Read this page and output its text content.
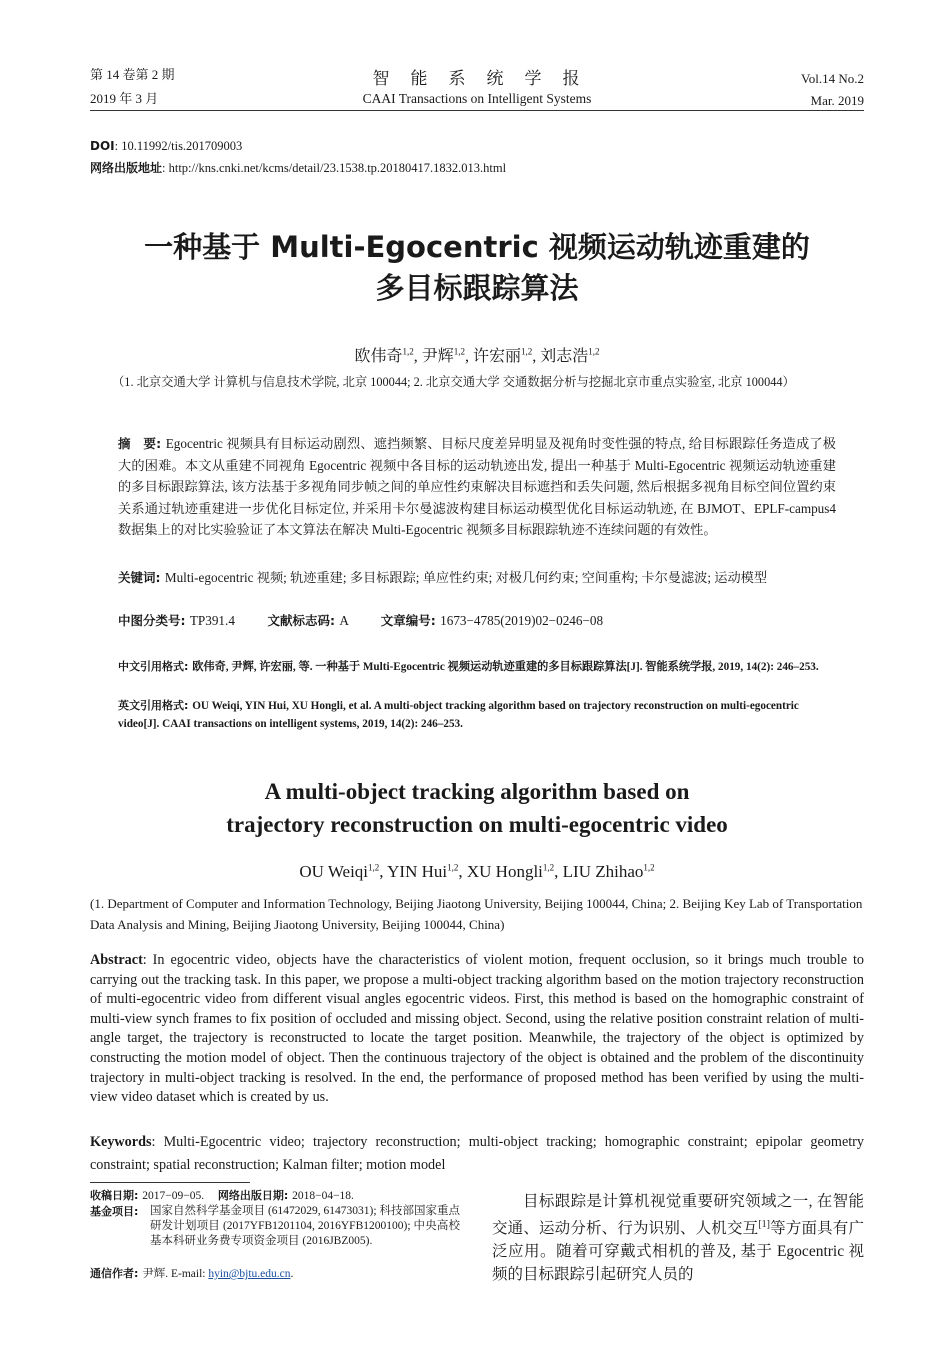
第 14 卷第 2 期
2019 年 3 月
智　能　系　统　学　报
CAAI Transactions on Intelligent Systems
Vol.14 No.2
Mar. 2019
DOI: 10.11992/tis.201709003
网络出版地址: http://kns.cnki.net/kcms/detail/23.1538.tp.20180417.1832.013.html
一种基于 Multi-Egocentric 视频运动轨迹重建的
多目标跟踪算法
欧伟奇$^{1,2}$, 尹辉$^{1,2}$, 许宏丽$^{1,2}$, 刘志浩$^{1,2}$
（1. 北京交通大学 计算机与信息技术学院, 北京 100044; 2. 北京交通大学 交通数据分析与挖掘北京市重点实验室, 北京 100044）
摘　要: Egocentric 视频具有目标运动剧烈、遮挡频繁、目标尺度差异明显及视角时变性强的特点, 给目标跟踪任务造成了极大的困难。本文从重建不同视角 Egocentric 视频中各目标的运动轨迹出发, 提出一种基于 Multi-Egocentric 视频运动轨迹重建的多目标跟踪算法, 该方法基于多视角同步帧之间的单应性约束解决目标遮挡和丢失问题, 然后根据多视角目标空间位置约束关系通过轨迹重建进一步优化目标定位, 并采用卡尔曼滤波构建目标运动模型优化目标运动轨迹, 在 BJMOT、EPLF-campus4 数据集上的对比实验验证了本文算法在解决 Multi-Egocentric 视频多目标跟踪轨迹不连续问题的有效性。
关键词: Multi-egocentric 视频; 轨迹重建; 多目标跟踪; 单应性约束; 对极几何约束; 空间重构; 卡尔曼滤波; 运动模型
中图分类号: TP391.4	文献标志码: A	文章编号: 1673−4785(2019)02−0246−08
中文引用格式: 欧伟奇, 尹辉, 许宏丽, 等. 一种基于 Multi-Egocentric 视频运动轨迹重建的多目标跟踪算法[J]. 智能系统学报, 2019, 14(2): 246–253.
英文引用格式: OU Weiqi, YIN Hui, XU Hongli, et al. A multi-object tracking algorithm based on trajectory reconstruction on multi-egocentric video[J]. CAAI transactions on intelligent systems, 2019, 14(2): 246–253.
A multi-object tracking algorithm based on
trajectory reconstruction on multi-egocentric video
OU Weiqi$^{1,2}$, YIN Hui$^{1,2}$, XU Hongli$^{1,2}$, LIU Zhihao$^{1,2}$
(1. Department of Computer and Information Technology, Beijing Jiaotong University, Beijing 100044, China; 2. Beijing Key Lab of Transportation Data Analysis and Mining, Beijing Jiaotong University, Beijing 100044, China)
Abstract: In egocentric video, objects have the characteristics of violent motion, frequent occlusion, so it brings much trouble to carrying out the tracking task. In this paper, we propose a multi-object tracking algorithm based on the motion trajectory reconstruction of multi-egocentric video from different visual angles egocentric videos. First, this method is based on the homographic constraint of multi-view synch frames to fix position of occluded and missing object. Second, using the relative position constraint relation of multi-angle target, the trajectory is reconstructed to locate the target position. Meanwhile, the trajectory of the object is optimized by constructing the motion model of object. Then the continuous trajectory of the object is obtained and the problem of the discontinuity trajectory in multi-object tracking is resolved. In the end, the performance of proposed method has been verified by using the multi-view video dataset which is created by us.
Keywords: Multi-Egocentric video; trajectory reconstruction; multi-object tracking; homographic constraint; epipolar geometry constraint; spatial reconstruction; Kalman filter; motion model
收稿日期: 2017−09−05. 网络出版日期: 2018−04−18.
基金项目: 国家自然科学基金项目 (61472029, 61473031); 科技部国家重点研发计划项目 (2017YFB1201104, 2016YFB1200100); 中央高校基本科研业务费专项资金项目 (2016JBZ005).
通信作者: 尹辉. E-mail: hyin@bjtu.edu.cn.
目标跟踪是计算机视觉重要研究领域之一, 在智能交通、运动分析、行为识别、人机交互[1]等方面具有广泛应用。随着可穿戴式相机的普及, 基于 Egocentric 视频的目标跟踪引起研究人员的
